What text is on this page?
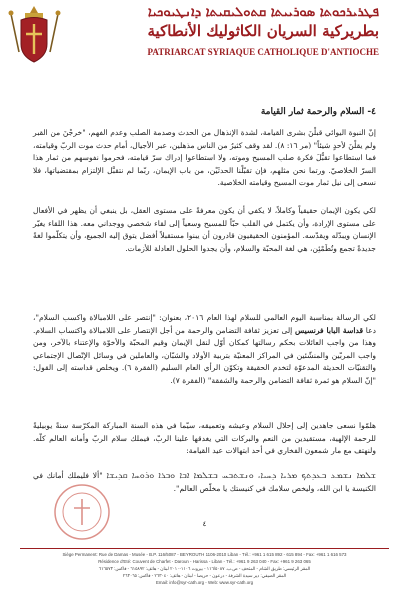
ܦܛܪܝܪܟܘܬܐ ܣܘܪܝܝܬܐ ܩܬܘܠܝܩܝܬܐ ܕܐܢܛܝܘܟܝܐ
بطريركية السريان الكاثوليك الأنطاكية
PATRIARCAT SYRIAQUE CATHOLIQUE D'ANTIOCHE
٤- السلام والرحمة ثمار القيامة

إنّ النبوة اليوائي قبلْنَ بشرى القيامة، لشدة الإنذهال من الحدث وصدمة الصلب وعدم الفهم، "خرجْنَ من القبر ولم يقلْنَ لأحدٍ شيئاً" (مر ١٦: ٨). لقد وقف كثيرٌ من الناس مذهلين، عبر الأجيال، أمام حدث موت الربّ وقيامته، فما استطاعوا تقبُّلَ فكرة صلب المسيح وموته، ولا استطاعوا إدراك سرّ قيامته، فحرموا نفوسهم من ثمار هذا السرّ الخلاصيّ. ورتما نحن مثلهم، فإن تقبّلْنا الحدثَيْن، من باب الإيمان، ربّما لم نتقبَّل الإلتزام بمقتضياتها، فلا نسعى إلى نيل ثمار موت المسيح وقيامته الخلاصية.

لكي يكون الإيمان حقيقياً وكاملاً، لا يكفي أن يكون معرفةً على مستوى العقل، بل ينبغي أن يظهر في الأفعال على مستوى الإرادة، وأن يكتمل في القلب حبّاً للمسيح وسعياً إلى لقاء شخصي ووجداني معه. هذا اللقاء يغيّر الإنسان ويبدّله ويقدّسه. المؤمنون الحقيقيون قادرون أن يبنوا مستقبلاً أفضل يتوق إليه الجميع، وأن يتكلّموا لغةً جديدةً تجمع وتُطَمْئِن، هي لغة المحبّة والسلام، وأن يجدوا الحلول العادلة للأزمات.

لكي الرسالة بمناسبة اليوم العالمي للسلام لهذا العام ٢٠١٦، بعنوان: "إنتصر على اللامبالاة واكسب السلام"، دعا قداسة البابا فرنسيس إلى تعزيز ثقافة التضامن والرحمة من أجل الإنتصار على اللامبالاة واكتساب السلام. وهذا من واجب العائلات بحكم رسالتها كمكان أوّل لنقل الإيمان وقيم المحبّة والأخوّة والإعتناء بالآخر، ومن واجب المربّين والمنشّئين في المراكز المعنيّة بتربية الأولاد والشبّان، والعاملين في وسائل الإتّصال الإجتماعي والتقنيّات الحديثة المدعوّة لتخدم الحقيقة وتكوّن الرأي العام السليم (الفقرة ٦). ويخلص قداسته إلى القول: "إنّ السلام هو ثمرة ثقافة التضامن والرحمة والشفقة" (الفقرة ٧).

هلمّوا نسعى جاهدين إلى إحلال السلام وعيشه وتعميقه، سيّما في هذه السنة المباركة المكرّسة سنةً يوبيليةً للرحمة الإلهية، مستقيدين من النعم والبركات التي يغدقها علينا الربّ، فيملك سلام الربّ وأمانه العالم كلّه. ولنهتف مع مار شمعون الفخاري في أحد ابتهالات عيد القيامة:

ܫܠܡܐ ܢܫܡܥ ܒܥܕܬܟ ܡܪܝܐ ܕܚܝܐ، ܘܢܫܬܒܚ ܒܫܠܡܐ ܐܒܐ ܘܒܪܐ ܘܪܘܚܐ ܩܕܝܫܐ "ألا فليملك أمانك في الكنيسة يا ابن الله، وليخص سلامك في كنيستك يا مخلّص العالم".

٤
Siège Permanent: Rue de Damas - Musée - B.P. 116/5087 - BEYROUTH 1106-2010 Liban - Tél.: +961 1 615 892 - 615 894 - Fax: +961 1 616 573
Résidence d'Eté: Couvent de Charfet - Daroun - Harissa - Liban - Tél.: +961 9 263 040 - Fax: +961 9 263 065
المقر الرئيسي: طريق الشام - المتحف - ص.ب. ١١٦/٥٠٨٧ - بيروت ١١٠٦-٢٠١٠ لبنان - هاتف: ٦١٥٨٩٢ - فاكس: ٦١٦٥٧٣
المقر الصيفي: دير سيدة الشرفة - درعون - حريصا - لبنان - هاتف: ٢٦٣٠٤٠ - فاكس: ٢٦٣٠٦٥
Email: info@syr-cath.org - Web: www.syr-cath.org
